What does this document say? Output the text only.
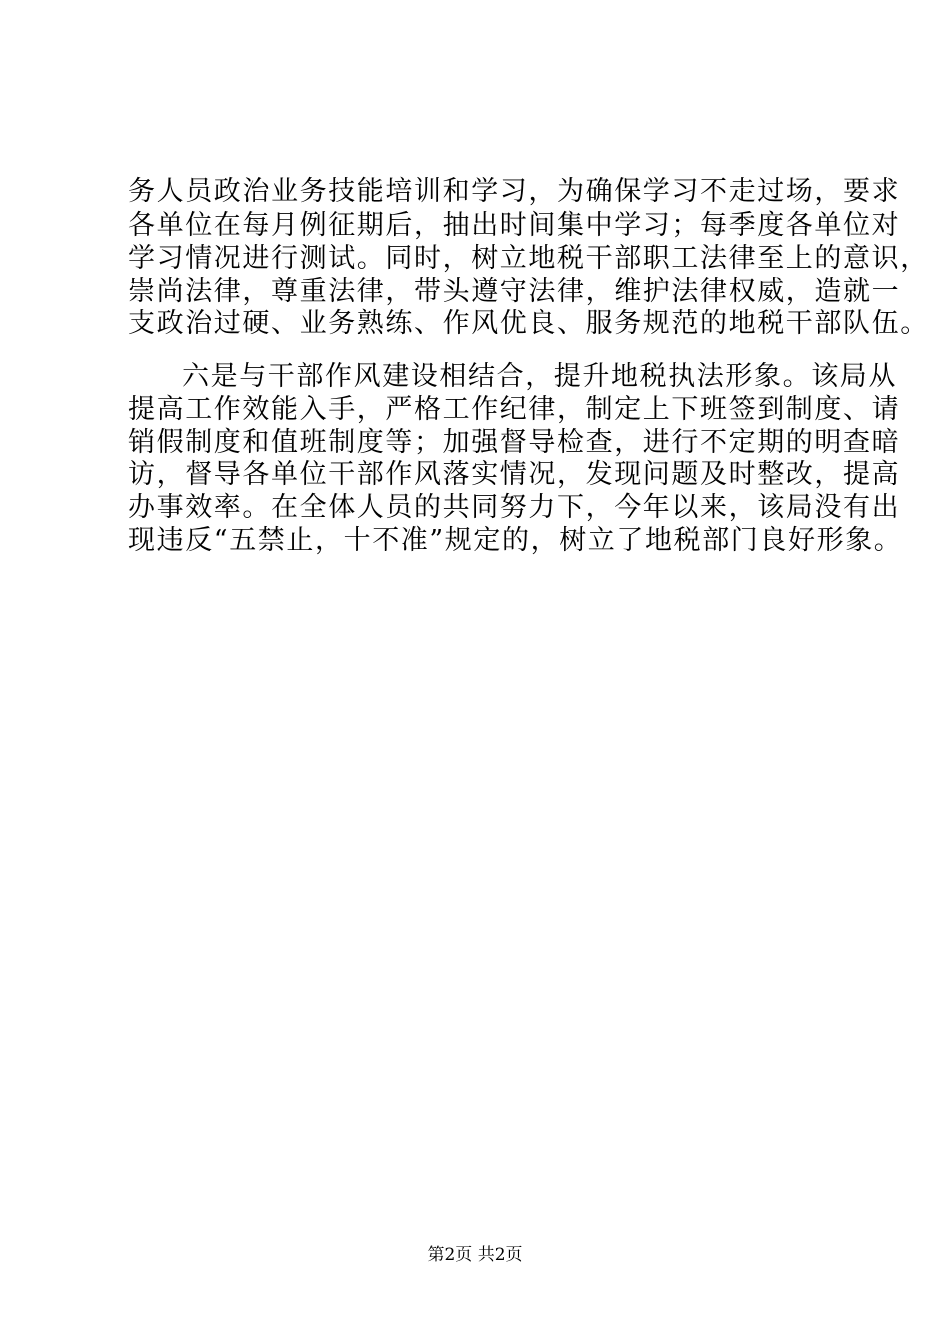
务人员政治业务技能培训和学习，为确保学习不走过场，要求
各单位在每月例征期后，抽出时间集中学习；每季度各单位对
学习情况进行测试。同时，树立地税干部职工法律至上的意识，
崇尚法律，尊重法律，带头遵守法律，维护法律权威，造就一
支政治过硬、业务熟练、作风优良、服务规范的地税干部队伍。
六是与干部作风建设相结合，提升地税执法形象。该局从
提高工作效能入手，严格工作纪律，制定上下班签到制度、请
销假制度和值班制度等；加强督导检查，进行不定期的明查暗
访，督导各单位干部作风落实情况，发现问题及时整改，提高
办事效率。在全体人员的共同努力下，今年以来，该局没有出
现违反“五禁止，十不准”规定的，树立了地税部门良好形象。
第2页 共2页
